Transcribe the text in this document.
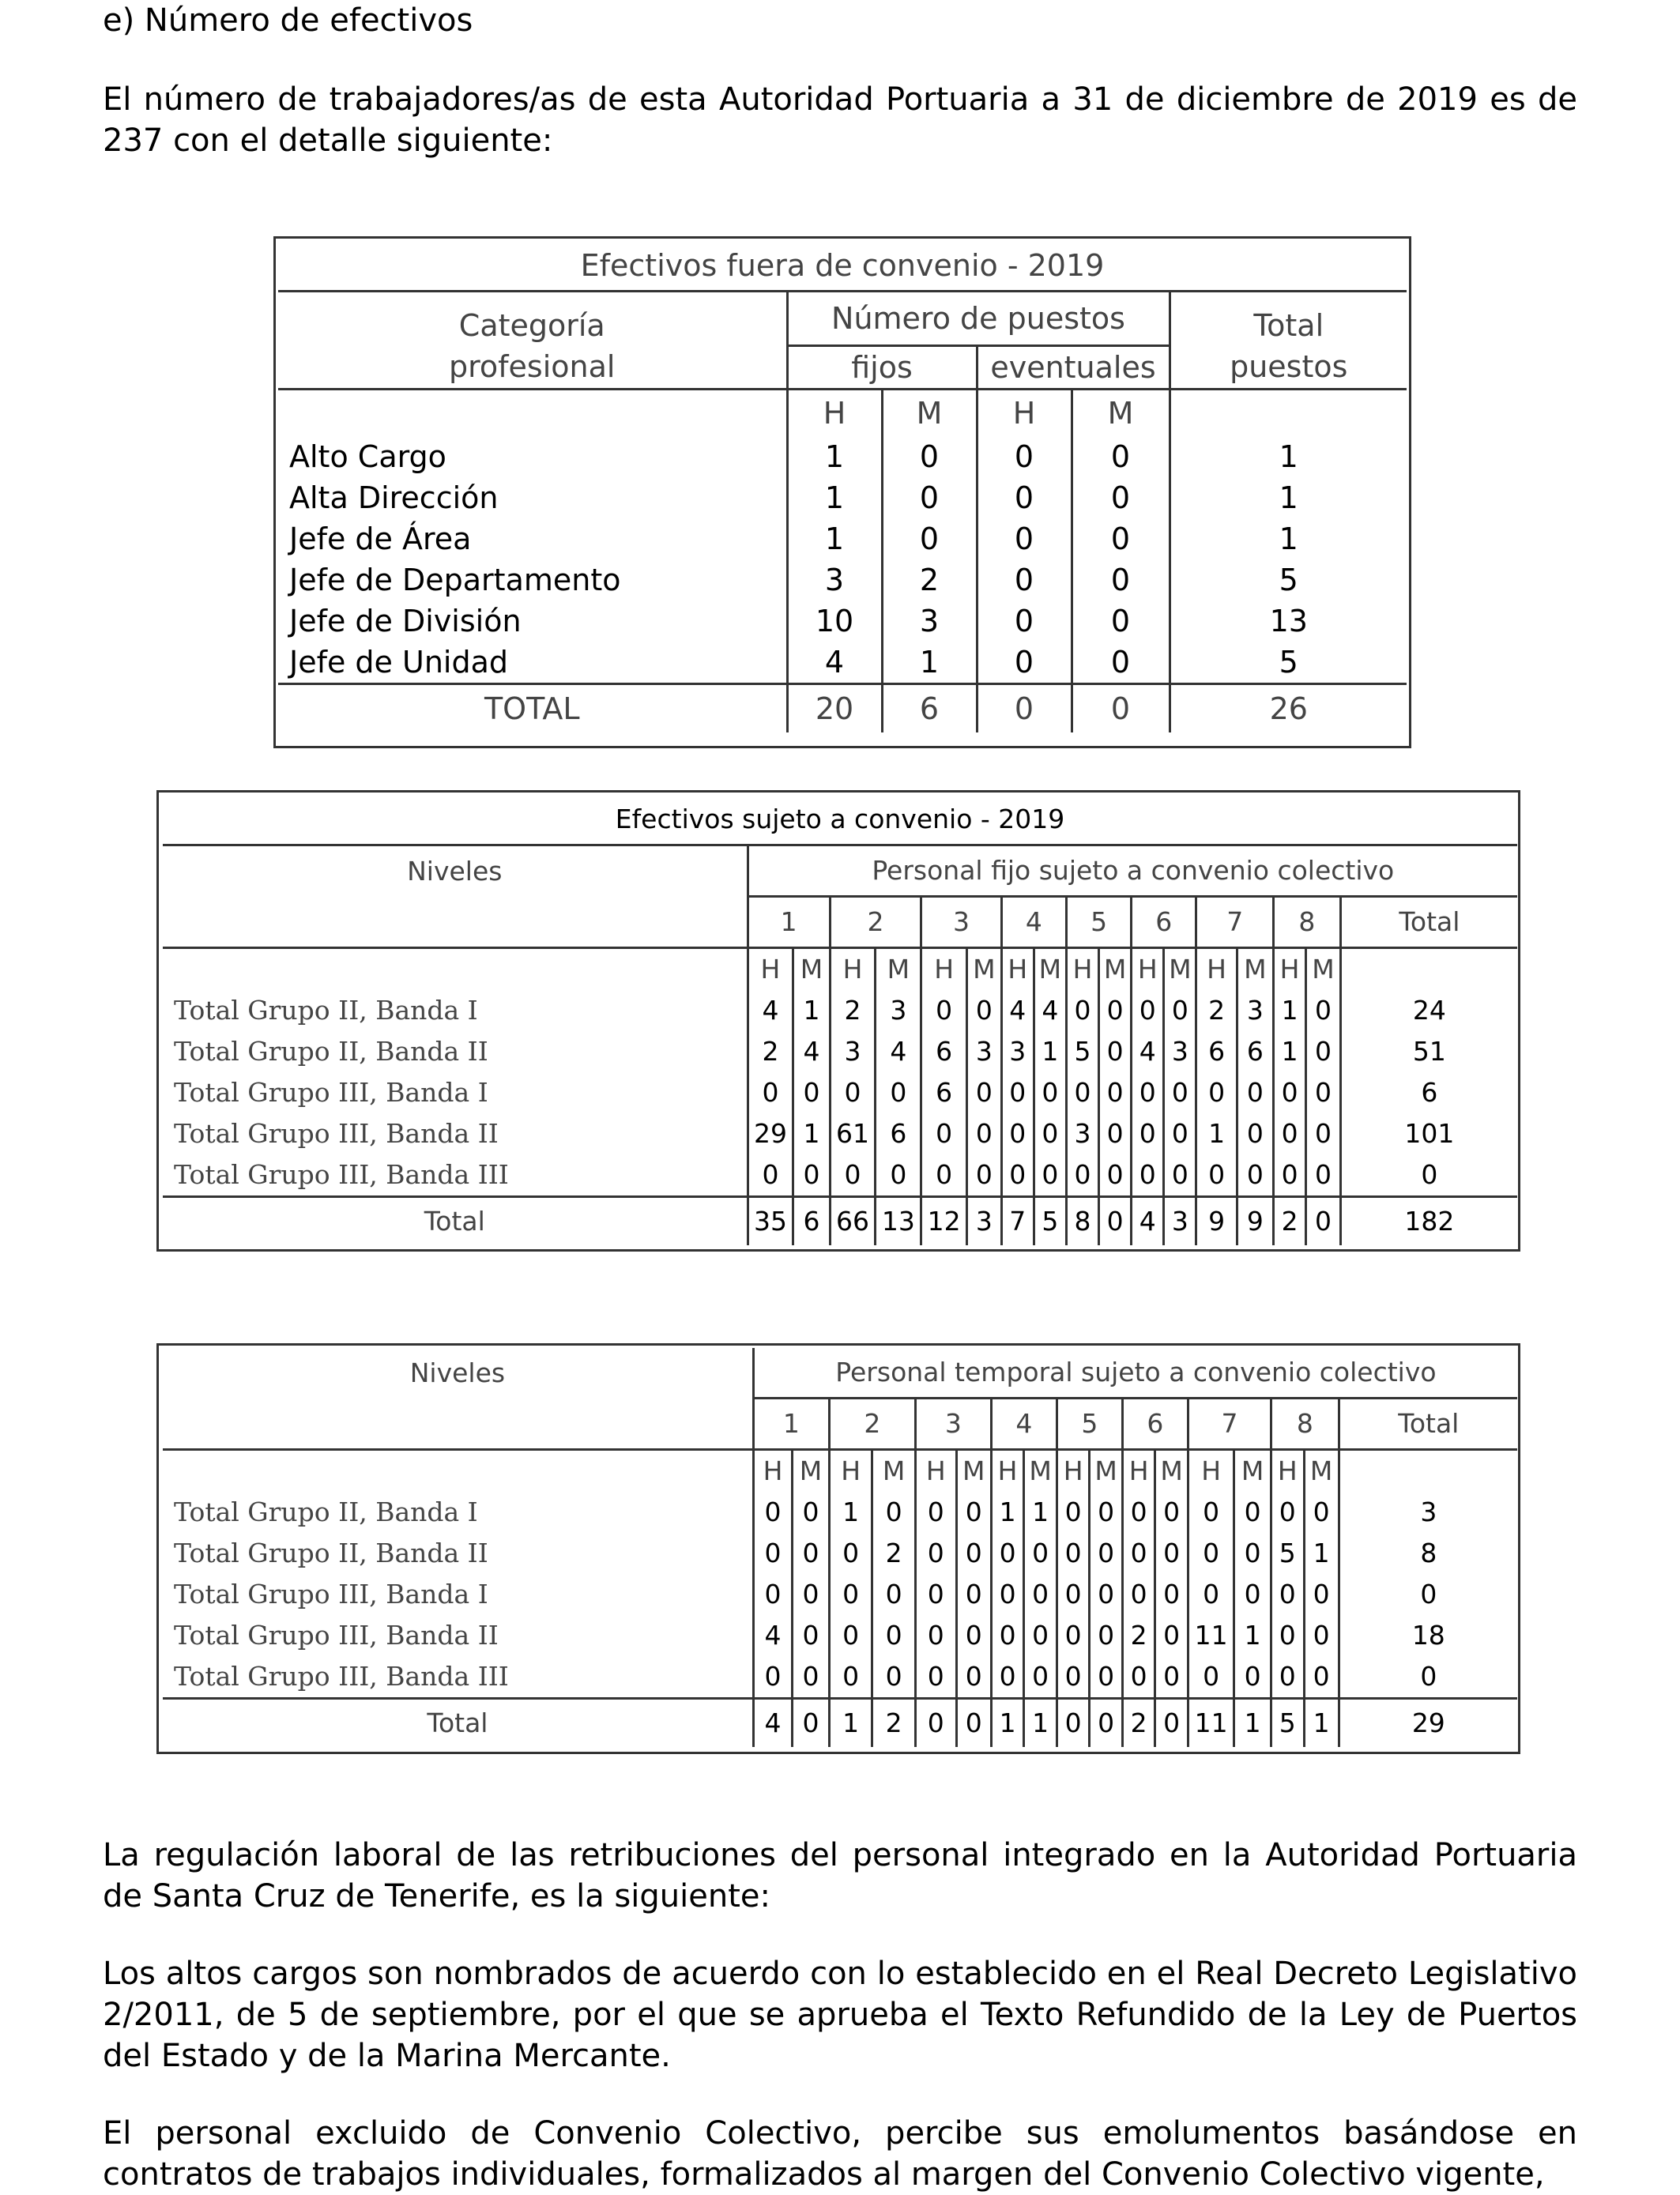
e) Número de efectivos

El número de trabajadores/as de esta Autoridad Portuaria a 31 de diciembre de 2019 es de 237 con el detalle siguiente:

Efectivos fuera de convenio - 2019					
Categoría	Número de puestos				Total
profesional	fijos		eventuales		puestos
	H	M	H	M	
Alto Cargo	1	0	0	0	1
Alta Dirección	1	0	0	0	1
Jefe de Área	1	0	0	0	1
Jefe de Departamento	3	2	0	0	5
Jefe de División	10	3	0	0	13
Jefe de Unidad	4	1	0	0	5
TOTAL	20	6	0	0	26
Efectivos sujeto a convenio - 2019																	
Niveles	Personal fijo sujeto a convenio colectivo																
	1		2		3		4		5		6		7		8		Total
	H	M	H	M	H	M	H	M	H	M	H	M	H	M	H	M	
Total Grupo II, Banda I	4	1	2	3	0	0	4	4	0	0	0	0	2	3	1	0	24
Total Grupo II, Banda II	2	4	3	4	6	3	3	1	5	0	4	3	6	6	1	0	51
Total Grupo III, Banda I	0	0	0	0	6	0	0	0	0	0	0	0	0	0	0	0	6
Total Grupo III, Banda II	29	1	61	6	0	0	0	0	3	0	0	0	1	0	0	0	101
Total Grupo III, Banda III	0	0	0	0	0	0	0	0	0	0	0	0	0	0	0	0	0
Total	35	6	66	13	12	3	7	5	8	0	4	3	9	9	2	0	182
Niveles	Personal temporal sujeto a convenio colectivo																
	1		2		3		4		5		6		7		8		Total
	H	M	H	M	H	M	H	M	H	M	H	M	H	M	H	M	
Total Grupo II, Banda I	0	0	1	0	0	0	1	1	0	0	0	0	0	0	0	0	3
Total Grupo II, Banda II	0	0	0	2	0	0	0	0	0	0	0	0	0	0	5	1	8
Total Grupo III, Banda I	0	0	0	0	0	0	0	0	0	0	0	0	0	0	0	0	0
Total Grupo III, Banda II	4	0	0	0	0	0	0	0	0	0	2	0	11	1	0	0	18
Total Grupo III, Banda III	0	0	0	0	0	0	0	0	0	0	0	0	0	0	0	0	0
Total	4	0	1	2	0	0	1	1	0	0	2	0	11	1	5	1	29

La regulación laboral de las retribuciones del personal integrado en la Autoridad Portuaria de Santa Cruz de Tenerife, es la siguiente:

Los altos cargos son nombrados de acuerdo con lo establecido en el Real Decreto Legislativo 2/2011, de 5 de septiembre, por el que se aprueba el Texto Refundido de la Ley de Puertos del Estado y de la Marina Mercante.

El personal excluido de Convenio Colectivo, percibe sus emolumentos basándose en contratos de trabajos individuales, formalizados al margen del Convenio Colectivo vigente,
